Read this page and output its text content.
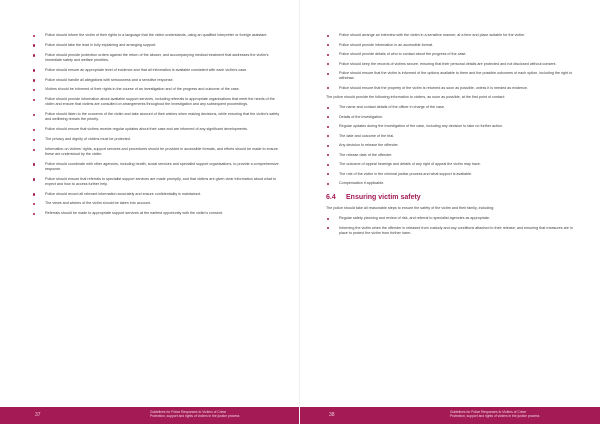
Police should inform the victim of their rights to a language that the victim understands, using an qualified interpreter or foreign assistant.
Police should take the lead in fully explaining and arranging support.
Police should provide protection orders against the return of the abuser, and accompanying medical treatment that addresses the victim's immediate safety and welfare priorities.
Police should ensure an appropriate level of evidence and that all information is available consistent with each victim's case.
Police should handle all allegations with seriousness and a sensitive response.
Victims should be informed of their rights in the course of an investigation and of the progress and outcome of the case.
Police should provide information about available support services, including referrals to appropriate organisations that meet the needs of the victim and ensure that victims are consulted on arrangements throughout the investigation and any subsequent proceedings.
Police should listen to the concerns of the victim and take account of their wishes when making decisions, while ensuring that the victim's safety and wellbeing remain the priority.
Police should ensure that victims receive regular updates about their case and are informed of any significant developments.
The privacy and dignity of victims must be protected.
Information on victims' rights, support services and procedures should be provided in accessible formats, and efforts should be made to ensure these are understood by the victim.
Police should coordinate with other agencies, including health, social services and specialist support organisations, to provide a comprehensive response.
Police should ensure that referrals to specialist support services are made promptly, and that victims are given clear information about what to expect and how to access further help.
Police should record all relevant information accurately and ensure confidentiality is maintained.
The views and wishes of the victim should be taken into account.
Referrals should be made to appropriate support services at the earliest opportunity with the victim's consent.
37	Guidelines for Police Responses to Victims of Crime
Protection, support and rights of victims in the justice process
Police should arrange an interview with the victim in a sensitive manner, at a time and place suitable for the victim.
Police should provide information in an accessible format.
Police should provide details of who to contact about the progress of the case.
Police should keep the records of victims secure, ensuring that their personal details are protected and not disclosed without consent.
Police should ensure that the victim is informed of the options available to them and the possible outcomes of each option, including the right to withdraw.
Police should ensure that the property of the victim is returned as soon as possible, unless it is needed as evidence.

The police should provide the following information to victims, as soon as possible, at the first point of contact:

The name and contact details of the officer in charge of the case.
Details of the investigation.
Regular updates during the investigation of the case, including any decision to take no further action.
The date and outcome of the trial.
Any decision to release the offender.
The release date of the offender.
The outcome of appeal hearings and details of any right of appeal the victim may have.
The role of the victim in the criminal justice process and what support is available.
Compensation if applicable.
6.4	Ensuring victim safety

The police should take all reasonable steps to ensure the safety of the victim and their family, including:

Regular safety planning and review of risk, and referral to specialist agencies as appropriate.
Informing the victim when the offender is released from custody and any conditions attached to their release, and ensuring that measures are in place to protect the victim from further harm.
38	Guidelines for Police Responses to Victims of Crime
Protection, support and rights of victims in the justice process
